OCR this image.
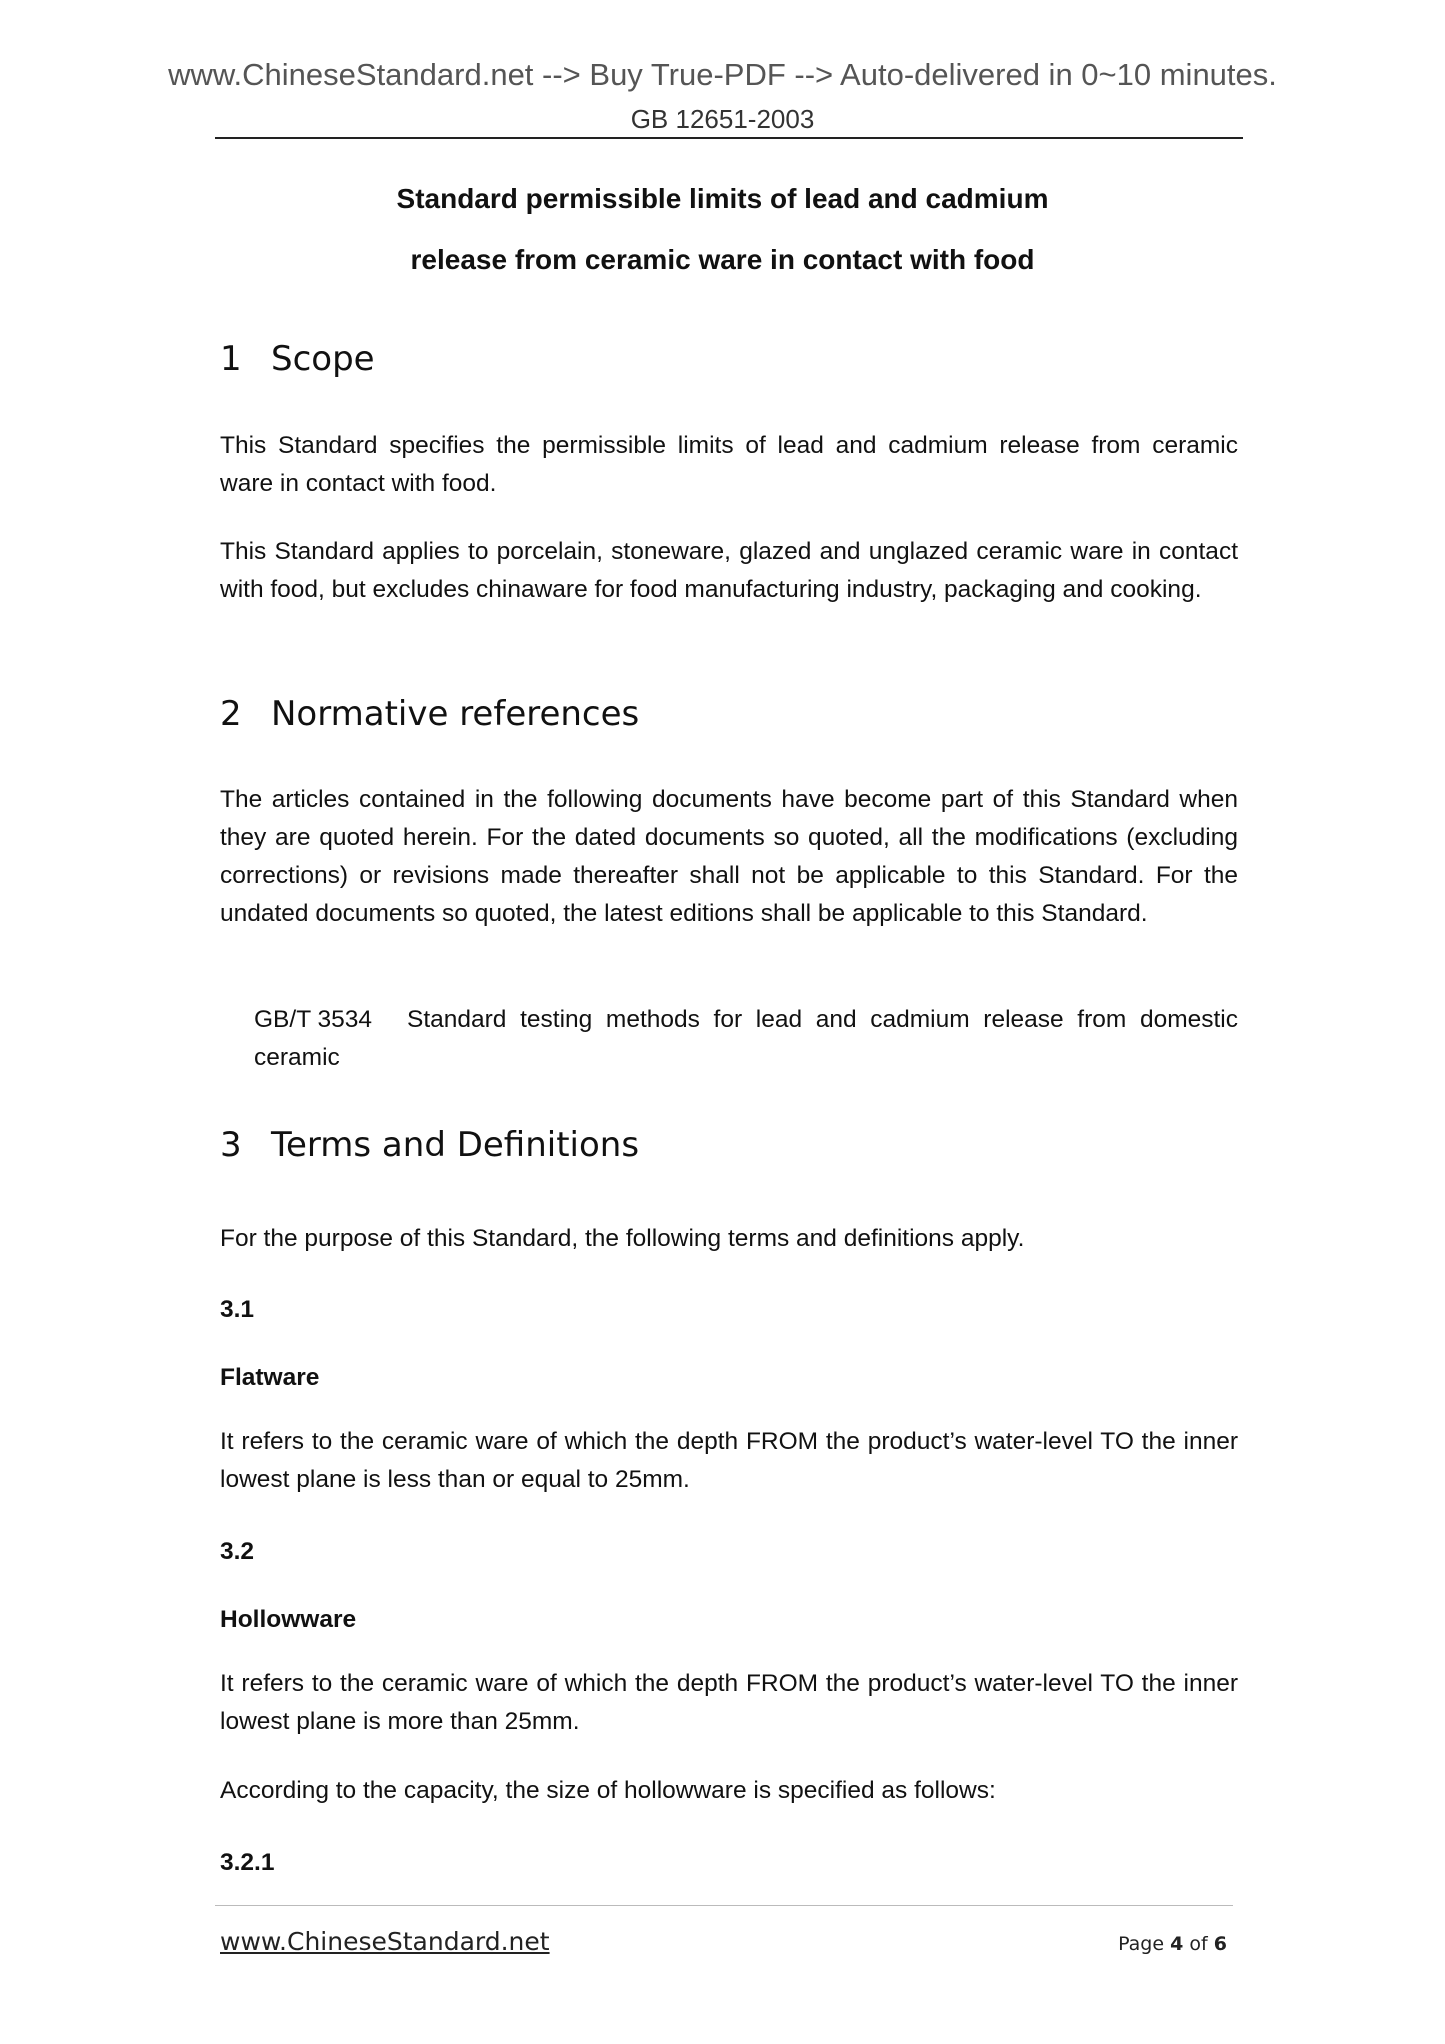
www.ChineseStandard.net --> Buy True-PDF --> Auto-delivered in 0~10 minutes.
GB 12651-2003
Standard permissible limits of lead and cadmium
release from ceramic ware in contact with food
1 Scope
This Standard specifies the permissible limits of lead and cadmium release from ceramic ware in contact with food.
This Standard applies to porcelain, stoneware, glazed and unglazed ceramic ware in contact with food, but excludes chinaware for food manufacturing industry, packaging and cooking.
2 Normative references
The articles contained in the following documents have become part of this Standard when they are quoted herein. For the dated documents so quoted, all the modifications (excluding corrections) or revisions made thereafter shall not be applicable to this Standard. For the undated documents so quoted, the latest editions shall be applicable to this Standard.
GB/T 3534 Standard testing methods for lead and cadmium release from domestic ceramic
3 Terms and Definitions
For the purpose of this Standard, the following terms and definitions apply.
3.1
Flatware
It refers to the ceramic ware of which the depth FROM the product’s water-level TO the inner lowest plane is less than or equal to 25mm.
3.2
Hollowware
It refers to the ceramic ware of which the depth FROM the product’s water-level TO the inner lowest plane is more than 25mm.
According to the capacity, the size of hollowware is specified as follows:
3.2.1
www.ChineseStandard.net	Page 4 of 6
